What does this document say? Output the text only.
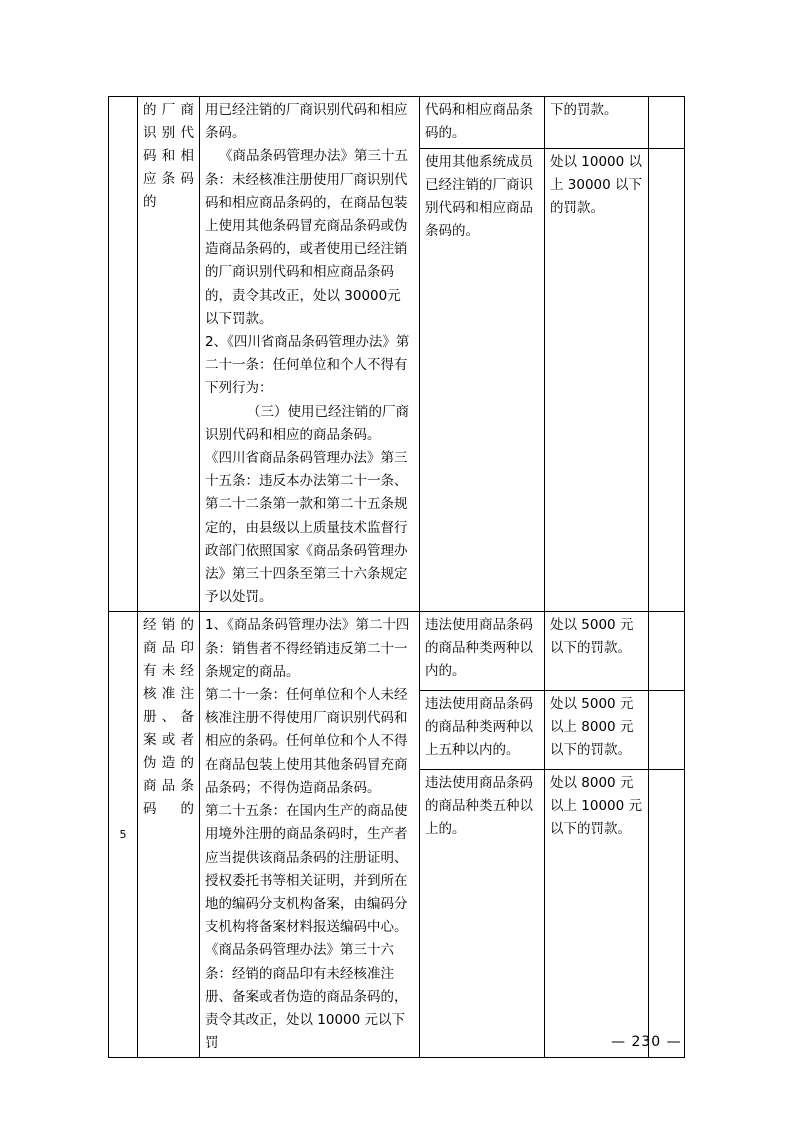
	的厂商识别代码和相应条码的	用已经注销的厂商识别代码和相应条码。

《商品条码管理办法》第三十五条：未经核准注册使用厂商识别代码和相应商品条码的，在商品包装上使用其他条码冒充商品条码或伪造商品条码的，或者使用已经注销的厂商识别代码和相应商品条码的，责令其改正，处以 30000元以下罚款。

2、《四川省商品条码管理办法》第二十一条：任何单位和个人不得有下列行为：

（三）使用已经注销的厂商识别代码和相应的商品条码。

《四川省商品条码管理办法》第三十五条：违反本办法第二十一条、第二十二条第一款和第二十五条规定的，由县级以上质量技术监督行政部门依照国家《商品条码管理办法》第三十四条至第三十六条规定予以处罚。	代码和相应商品条码的。	下的罚款。	
			使用其他系统成员已经注销的厂商识别代码和相应商品条码的。	处以 10000 以上 30000 以下的罚款。	
5	经销的商品印有未经核准注册、备案或者伪造的商品条码的	1、《商品条码管理办法》第二十四条：销售者不得经销违反第二十一条规定的商品。

第二十一条：任何单位和个人未经核准注册不得使用厂商识别代码和相应的条码。任何单位和个人不得在商品包装上使用其他条码冒充商品条码；不得伪造商品条码。

第二十五条：在国内生产的商品使用境外注册的商品条码时，生产者应当提供该商品条码的注册证明、授权委托书等相关证明，并到所在地的编码分支机构备案，由编码分支机构将备案材料报送编码中心。

《商品条码管理办法》第三十六条：经销的商品印有未经核准注册、备案或者伪造的商品条码的，责令其改正，处以 10000 元以下罚	违法使用商品条码的商品种类两种以内的。	处以 5000 元以下的罚款。	
			违法使用商品条码的商品种类两种以上五种以内的。	处以 5000 元以上 8000 元以下的罚款。	
			违法使用商品条码的商品种类五种以上的。	处以 8000 元以上 10000 元以下的罚款。	
— 230 —
